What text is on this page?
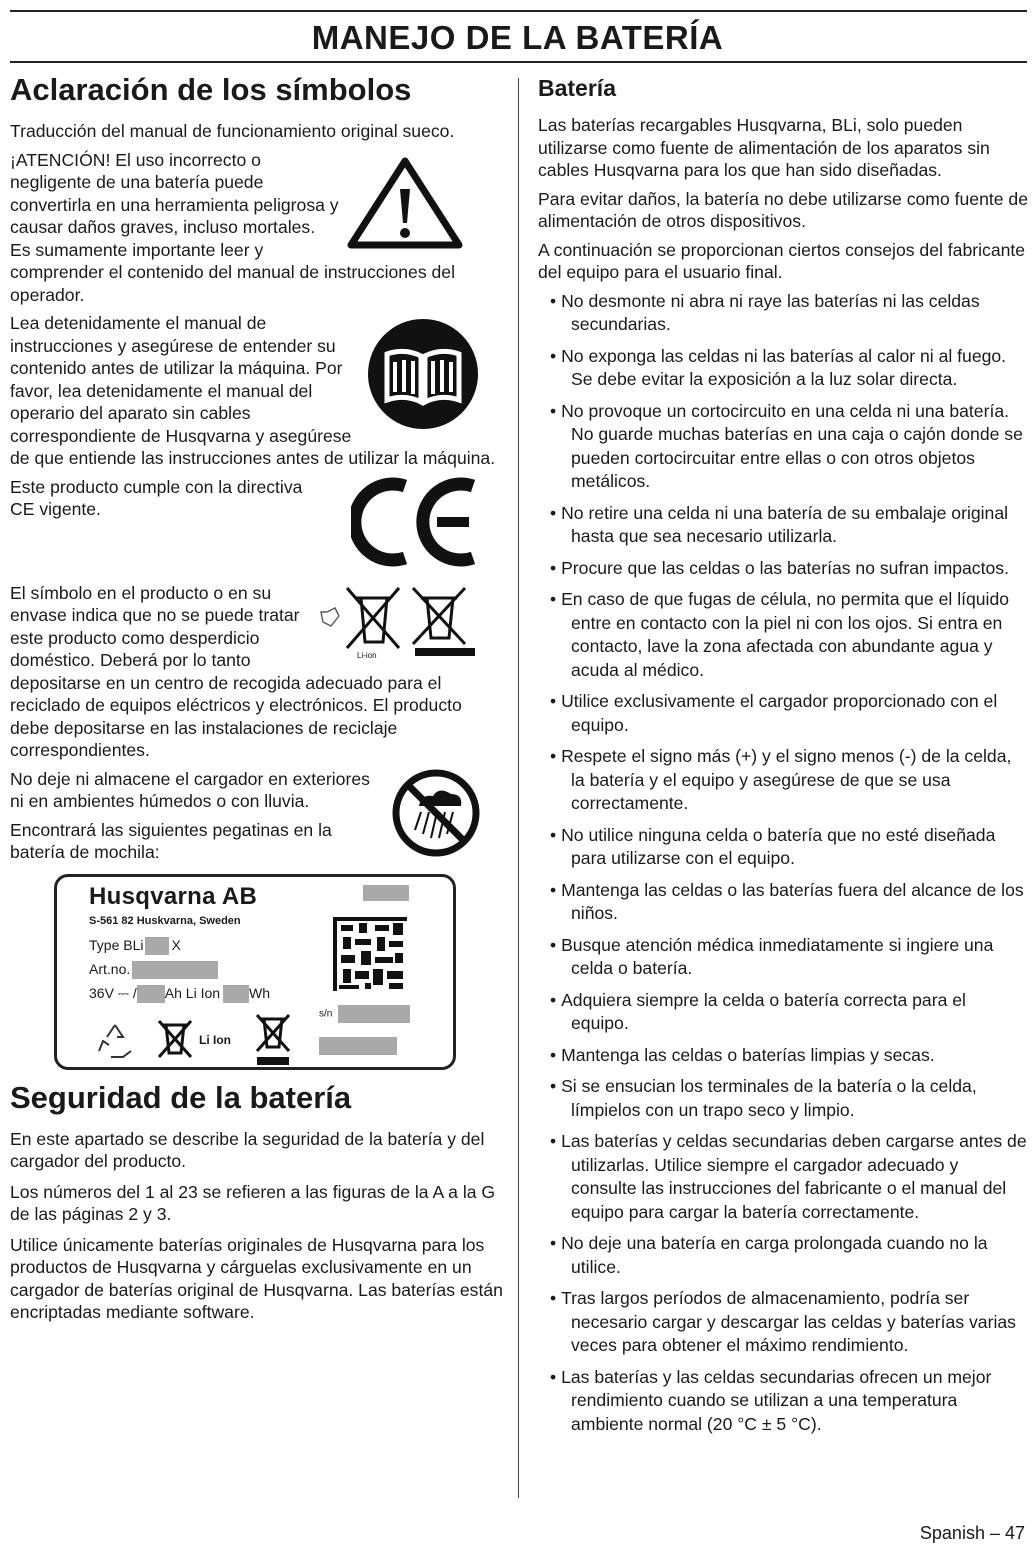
MANEJO DE LA BATERÍA
Aclaración de los símbolos

Traducción del manual de funcionamiento original sueco.

¡ATENCIÓN! El uso incorrecto o negligente de una batería puede convertirla en una herramienta peligrosa y causar daños graves, incluso mortales. Es sumamente importante leer y comprender el contenido del manual de instrucciones del operador.

Lea detenidamente el manual de instrucciones y asegúrese de entender su contenido antes de utilizar la máquina. Por favor, lea detenidamente el manual del operario del aparato sin cables correspondiente de Husqvarna y asegúrese de que entiende las instrucciones antes de utilizar la máquina.

Este producto cumple con la directiva CE vigente.

Li-ion

El símbolo en el producto o en su envase indica que no se puede tratar este producto como desperdicio doméstico. Deberá por lo tanto depositarse en un centro de recogida adecuado para el reciclado de equipos eléctricos y electrónicos. El producto debe depositarse en las instalaciones de reciclaje correspondientes.

No deje ni almacene el cargador en exteriores ni en ambientes húmedos o con lluvia.

Encontrará las siguientes pegatinas en la batería de mochila:

Husqvarna AB
S-561 82 Huskvarna, Sweden
Type BLi X
Art.no.
36V ⎓ / Ah Li Ion Wh
s/n
Li Ion
Seguridad de la batería

En este apartado se describe la seguridad de la batería y del cargador del producto.

Los números del 1 al 23 se refieren a las figuras de la A a la G de las páginas 2 y 3.

Utilice únicamente baterías originales de Husqvarna para los productos de Husqvarna y cárguelas exclusivamente en un cargador de baterías original de Husqvarna. Las baterías están encriptadas mediante software.

Batería

Las baterías recargables Husqvarna, BLi, solo pueden utilizarse como fuente de alimentación de los aparatos sin cables Husqvarna para los que han sido diseñadas.

Para evitar daños, la batería no debe utilizarse como fuente de alimentación de otros dispositivos.

A continuación se proporcionan ciertos consejos del fabricante del equipo para el usuario final.

• No desmonte ni abra ni raye las baterías ni las celdas secundarias.
• No exponga las celdas ni las baterías al calor ni al fuego. Se debe evitar la exposición a la luz solar directa.
• No provoque un cortocircuito en una celda ni una batería. No guarde muchas baterías en una caja o cajón donde se pueden cortocircuitar entre ellas o con otros objetos metálicos.
• No retire una celda ni una batería de su embalaje original hasta que sea necesario utilizarla.
• Procure que las celdas o las baterías no sufran impactos.
• En caso de que fugas de célula, no permita que el líquido entre en contacto con la piel ni con los ojos. Si entra en contacto, lave la zona afectada con abundante agua y acuda al médico.
• Utilice exclusivamente el cargador proporcionado con el equipo.
• Respete el signo más (+) y el signo menos (-) de la celda, la batería y el equipo y asegúrese de que se usa correctamente.
• No utilice ninguna celda o batería que no esté diseñada para utilizarse con el equipo.
• Mantenga las celdas o las baterías fuera del alcance de los niños.
• Busque atención médica inmediatamente si ingiere una celda o batería.
• Adquiera siempre la celda o batería correcta para el equipo.
• Mantenga las celdas o baterías limpias y secas.
• Si se ensucian los terminales de la batería o la celda, límpielos con un trapo seco y limpio.
• Las baterías y celdas secundarias deben cargarse antes de utilizarlas. Utilice siempre el cargador adecuado y consulte las instrucciones del fabricante o el manual del equipo para cargar la batería correctamente.
• No deje una batería en carga prolongada cuando no la utilice.
• Tras largos períodos de almacenamiento, podría ser necesario cargar y descargar las celdas y baterías varias veces para obtener el máximo rendimiento.
• Las baterías y las celdas secundarias ofrecen un mejor rendimiento cuando se utilizan a una temperatura ambiente normal (20 °C ± 5 °C).
Spanish – 47
